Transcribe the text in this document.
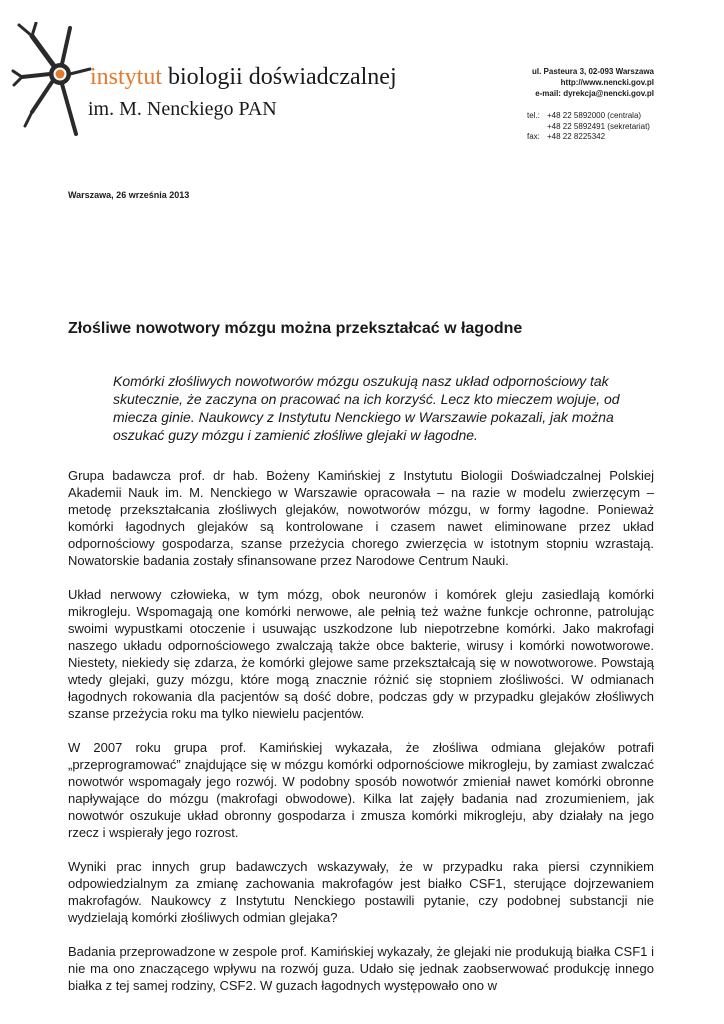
instytut biologii doświadczalnej

im. M. Nenckiego PAN

ul. Pasteura 3, 02-093 Warszawa
http://www.nencki.gov.pl
e-mail: dyrekcja@nencki.gov.pl
tel.: +48 22 5892000 (centrala)
+48 22 5892491 (sekretariat)
fax: +48 22 8225342

Warszawa, 26 września 2013

Złośliwe nowotwory mózgu można przekształcać w łagodne

Komórki złośliwych nowotworów mózgu oszukują nasz układ odpornościowy tak skutecznie, że zaczyna on pracować na ich korzyść. Lecz kto mieczem wojuje, od miecza ginie. Naukowcy z Instytutu Nenckiego w Warszawie pokazali, jak można oszukać guzy mózgu i zamienić złośliwe glejaki w łagodne.

Grupa badawcza prof. dr hab. Bożeny Kamińskiej z Instytutu Biologii Doświadczalnej Polskiej Akademii Nauk im. M. Nenckiego w Warszawie opracowała – na razie w modelu zwierzęcym – metodę przekształcania złośliwych glejaków, nowotworów mózgu, w formy łagodne. Ponieważ komórki łagodnych glejaków są kontrolowane i czasem nawet eliminowane przez układ odpornościowy gospodarza, szanse przeżycia chorego zwierzęcia w istotnym stopniu wzrastają. Nowatorskie badania zostały sfinansowane przez Narodowe Centrum Nauki.

Układ nerwowy człowieka, w tym mózg, obok neuronów i komórek gleju zasiedlają komórki mikrogleju. Wspomagają one komórki nerwowe, ale pełnią też ważne funkcje ochronne, patrolując swoimi wypustkami otoczenie i usuwając uszkodzone lub niepotrzebne komórki. Jako makrofagi naszego układu odpornościowego zwalczają także obce bakterie, wirusy i komórki nowotworowe. Niestety, niekiedy się zdarza, że komórki glejowe same przekształcają się w nowotworowe. Powstają wtedy glejaki, guzy mózgu, które mogą znacznie różnić się stopniem złośliwości. W odmianach łagodnych rokowania dla pacjentów są dość dobre, podczas gdy w przypadku glejaków złośliwych szanse przeżycia roku ma tylko niewielu pacjentów.

W 2007 roku grupa prof. Kamińskiej wykazała, że złośliwa odmiana glejaków potrafi „przeprogramować” znajdujące się w mózgu komórki odpornościowe mikrogleju, by zamiast zwalczać nowotwór wspomagały jego rozwój. W podobny sposób nowotwór zmieniał nawet komórki obronne napływające do mózgu (makrofagi obwodowe). Kilka lat zajęły badania nad zrozumieniem, jak nowotwór oszukuje układ obronny gospodarza i zmusza komórki mikrogleju, aby działały na jego rzecz i wspierały jego rozrost.

Wyniki prac innych grup badawczych wskazywały, że w przypadku raka piersi czynnikiem odpowiedzialnym za zmianę zachowania makrofagów jest białko CSF1, sterujące dojrzewaniem makrofagów. Naukowcy z Instytutu Nenckiego postawili pytanie, czy podobnej substancji nie wydzielają komórki złośliwych odmian glejaka?

Badania przeprowadzone w zespole prof. Kamińskiej wykazały, że glejaki nie produkują białka CSF1 i nie ma ono znaczącego wpływu na rozwój guza. Udało się jednak zaobserwować produkcję innego białka z tej samej rodziny, CSF2. W guzach łagodnych występowało ono w
